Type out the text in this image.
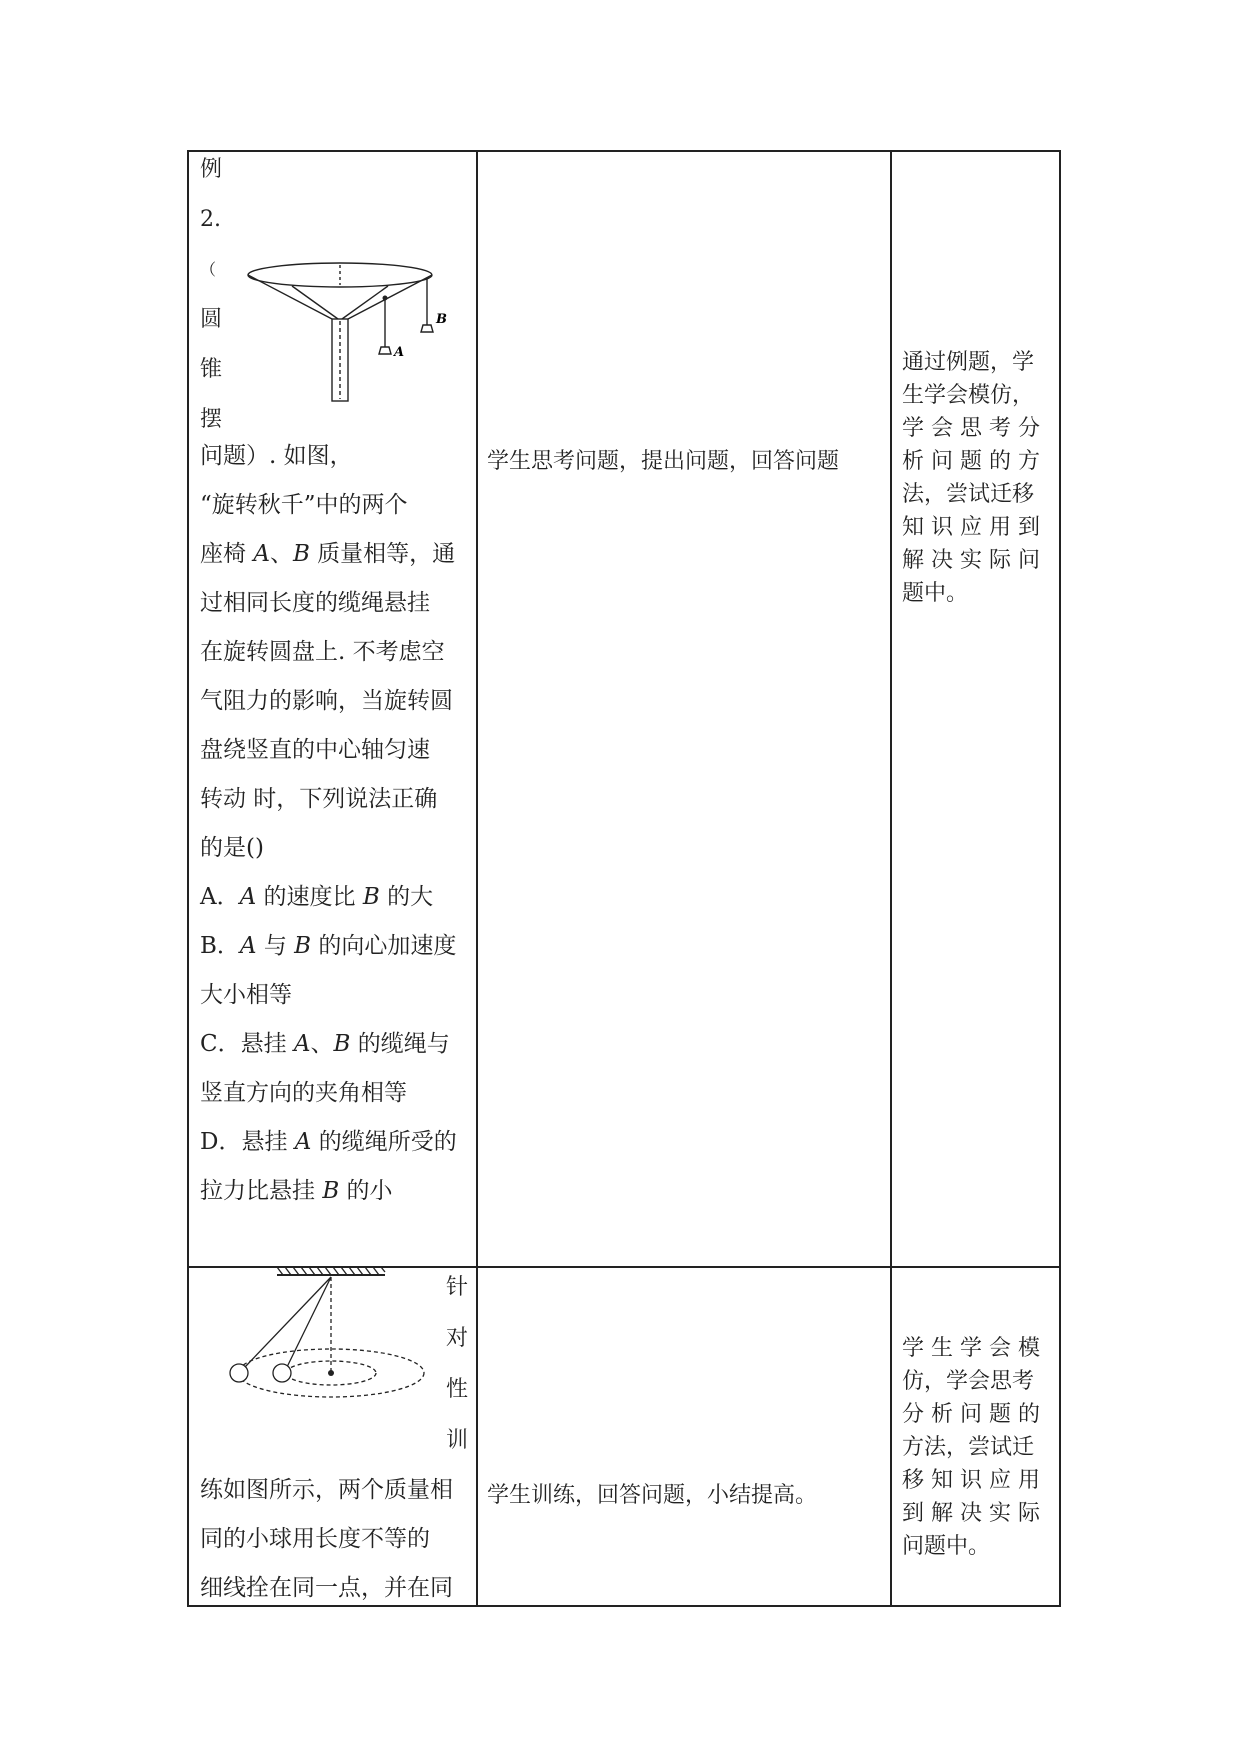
例
2.
（
圆
锥
摆
A
B
问题）. 如图，
“旋转秋千”中的两个
座椅 A、B 质量相等，通
过相同长度的缆绳悬挂
在旋转圆盘上. 不考虑空
气阻力的影响，当旋转圆
盘绕竖直的中心轴匀速
转动 时，下列说法正确
的是()
A．A 的速度比 B 的大
B．A 与 B 的向心加速度
大小相等
C．悬挂 A、B 的缆绳与
竖直方向的夹角相等
D．悬挂 A 的缆绳所受的
拉力比悬挂 B 的小
学生思考问题，提出问题，回答问题
通过例题，学
生学会模仿，
学 会 思 考 分
析 问 题 的 方
法，尝试迁移
知 识 应 用 到
解 决 实 际 问
题中。
针
对
性
训
练如图所示，两个质量相
同的小球用长度不等的
细线拴在同一点，并在同
学生训练，回答问题，小结提高。
学 生 学 会 模
仿，学会思考
分 析 问 题 的
方法，尝试迁
移 知 识 应 用
到 解 决 实 际
问题中。
